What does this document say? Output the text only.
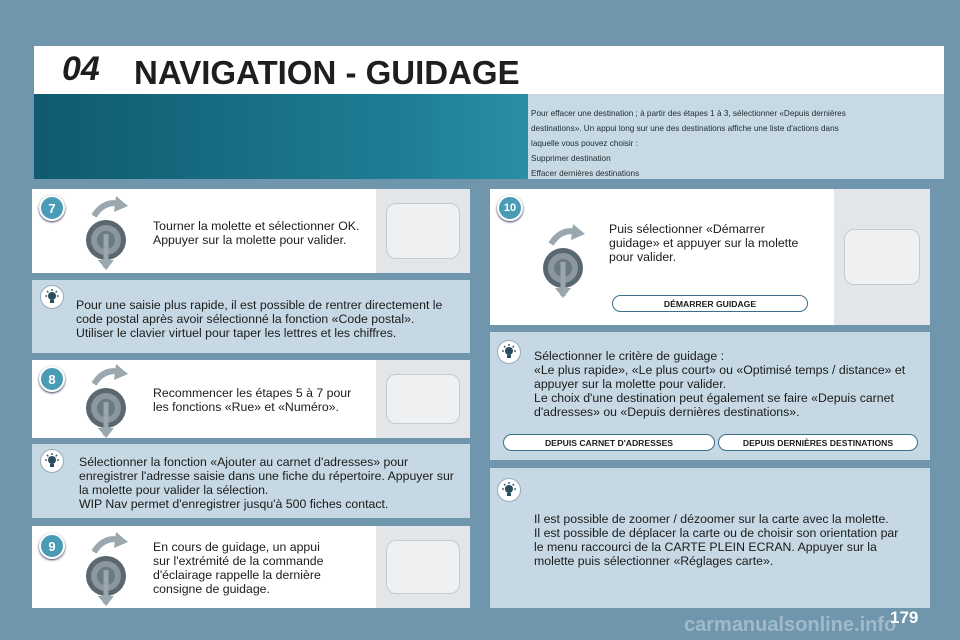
04 NAVIGATION - GUIDAGE
Pour effacer une destination ; à partir des étapes 1 à 3, sélectionner «Depuis dernières
destinations». Un appui long sur une des destinations affiche une liste d'actions dans
laquelle vous pouvez choisir :
Supprimer destination
Effacer dernières destinations
7
Tourner la molette et sélectionner OK.
Appuyer sur la molette pour valider.
Pour une saisie plus rapide, il est possible de rentrer directement le
code postal après avoir sélectionné la fonction «Code postal».
Utiliser le clavier virtuel pour taper les lettres et les chiffres.
8
Recommencer les étapes 5 à 7 pour
les fonctions «Rue» et «Numéro».
Sélectionner la fonction «Ajouter au carnet d'adresses» pour
enregistrer l'adresse saisie dans une fiche du répertoire. Appuyer sur
la molette pour valider la sélection.
WIP Nav permet d'enregistrer jusqu'à 500 fiches contact.
9	En cours de guidage, un appui
sur l'extrémité de la commande
d'éclairage rappelle la dernière
consigne de guidage.
10
Puis sélectionner «Démarrer
guidage» et appuyer sur la molette
pour valider.
DÉMARRER GUIDAGE
Sélectionner le critère de guidage :
«Le plus rapide», «Le plus court» ou «Optimisé temps / distance» et
appuyer sur la molette pour valider.
Le choix d'une destination peut également se faire «Depuis carnet
d'adresses» ou «Depuis dernières destinations».
DEPUIS CARNET D'ADRESSES	DEPUIS DERNIÈRES DESTINATIONS
Il est possible de zoomer / dézoomer sur la carte avec la molette.
Il est possible de déplacer la carte ou de choisir son orientation par
le menu raccourci de la CARTE PLEIN ECRAN. Appuyer sur la
molette puis sélectionner «Réglages carte».
carmanualsonline.info
179
